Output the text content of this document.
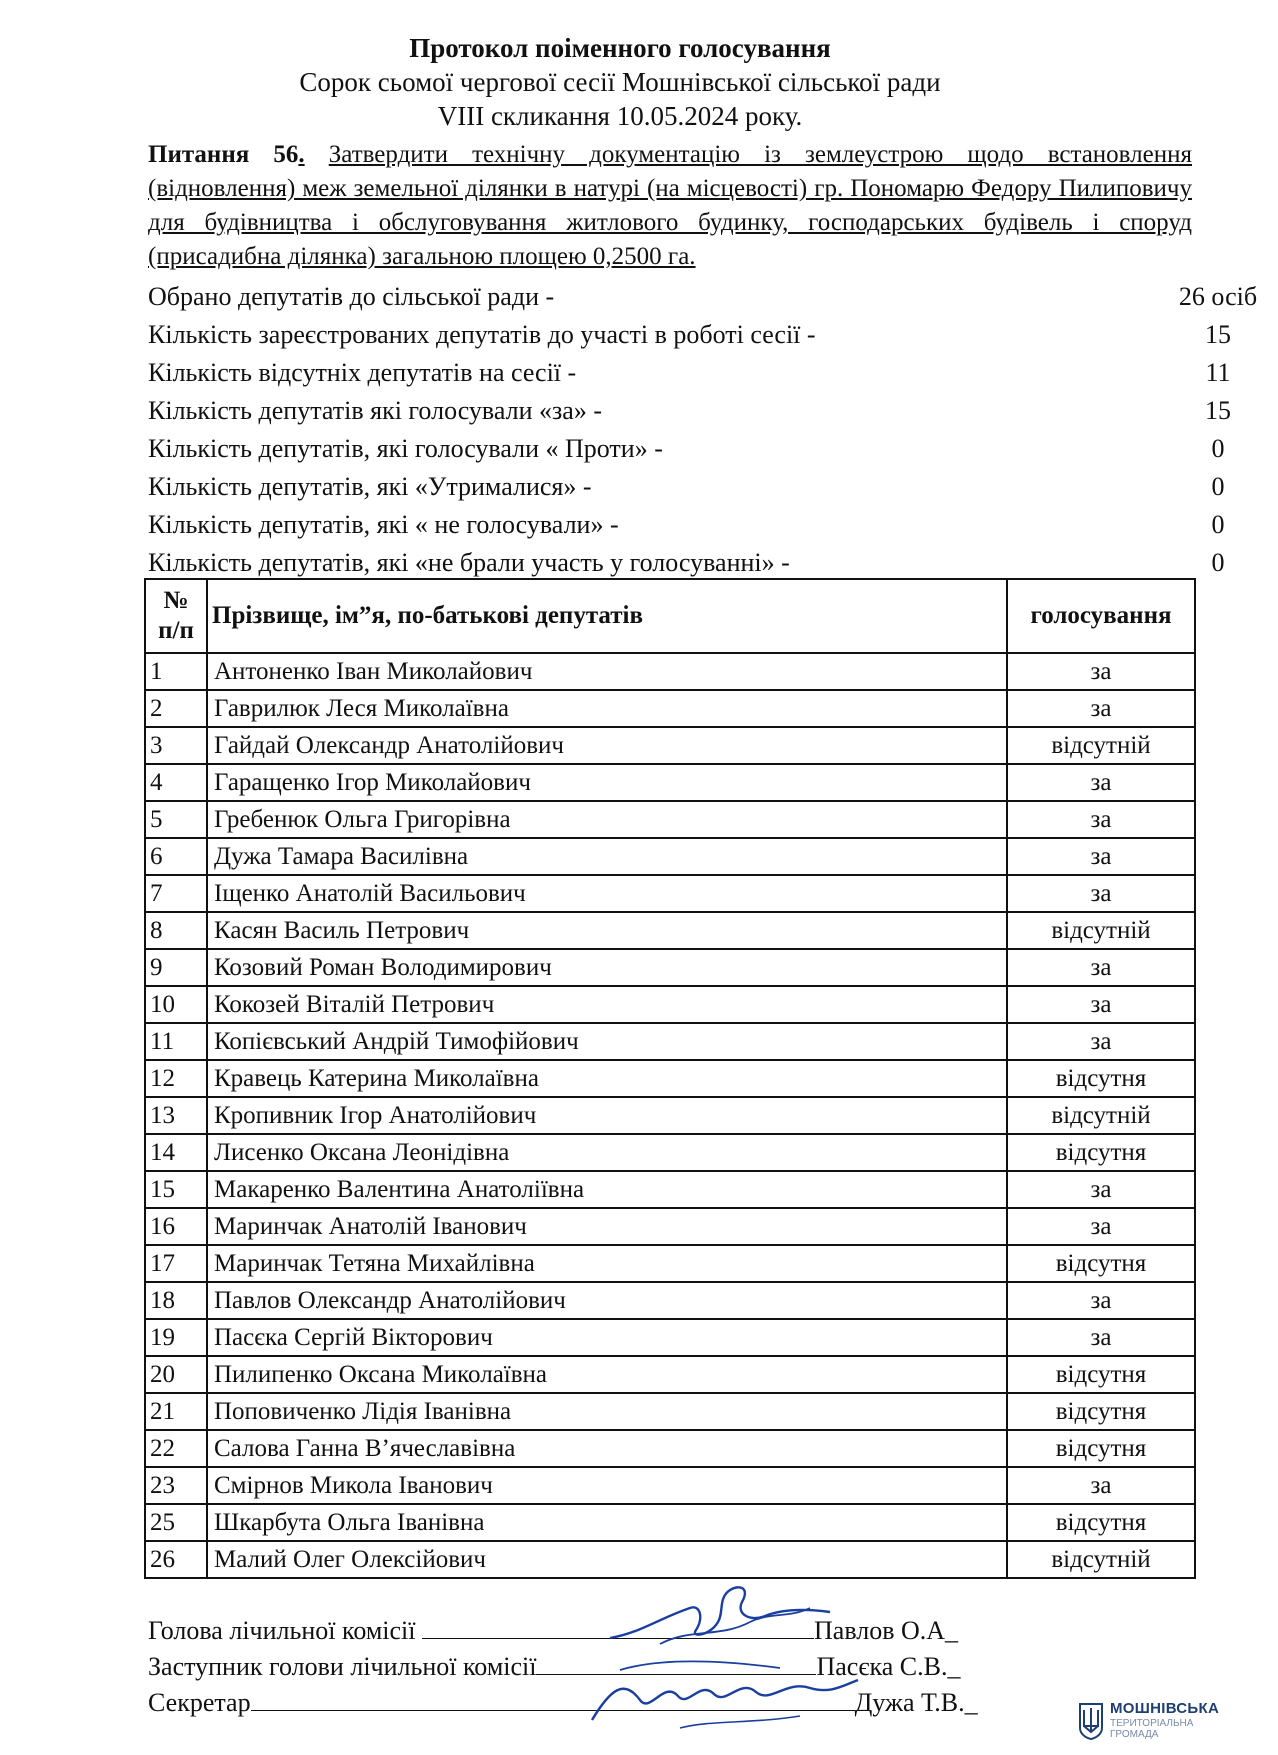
Протокол поіменного голосування
Сорок сьомої чергової сесії Мошнівської сільської ради
VIII скликання 10.05.2024 року.
Питання 56. Затвердити технічну документацію із землеустрою щодо встановлення (відновлення) меж земельної ділянки в натурі (на місцевості) гр. Пономарю Федору Пилиповичу для будівництва і обслуговування житлового будинку, господарських будівель і споруд (присадибна ділянка) загальною площею 0,2500 га.
Обрано депутатів до сільської ради -	26 осіб
Кількість зареєстрованих депутатів до участі в роботі сесії -	15
Кількість відсутніх депутатів на сесії -	11
Кількість депутатів які голосували «за» -	15
Кількість депутатів, які голосували « Проти» -	0
Кількість депутатів, які «Утрималися» -	0
Кількість депутатів, які « не голосували» -	0
Кількість депутатів, які «не брали участь у голосуванні» -	0
№
п/п	Прізвище, ім”я, по-батькові депутатів	голосування
1	Антоненко Іван Миколайович	за
2	Гаврилюк Леся Миколаївна	за
3	Гайдай Олександр Анатолійович	відсутній
4	Гаращенко Ігор Миколайович	за
5	Гребенюк Ольга Григорівна	за
6	Дужа Тамара Василівна	за
7	Іщенко Анатолій Васильович	за
8	Касян Василь Петрович	відсутній
9	Козовий Роман Володимирович	за
10	Кокозей Віталій Петрович	за
11	Копієвський Андрій Тимофійович	за
12	Кравець Катерина Миколаївна	відсутня
13	Кропивник Ігор Анатолійович	відсутній
14	Лисенко Оксана Леонідівна	відсутня
15	Макаренко Валентина Анатоліївна	за
16	Маринчак Анатолій Іванович	за
17	Маринчак Тетяна Михайлівна	відсутня
18	Павлов Олександр Анатолійович	за
19	Пасєка Сергій Вікторович	за
20	Пилипенко Оксана Миколаївна	відсутня
21	Поповиченко Лідія Іванівна	відсутня
22	Салова Ганна В’ячеславівна	відсутня
23	Смірнов Микола Іванович	за
25	Шкарбута Ольга Іванівна	відсутня
26	Малий Олег Олексійович	відсутній
Голова лічильної комісії	Павлов О.А_
Заступник голови лічильної комісії	Пасєка С.В._
Секретар	Дужа Т.В._	МОШНІВСЬКА
ТЕРИТОРІАЛЬНА
ГРОМАДА
